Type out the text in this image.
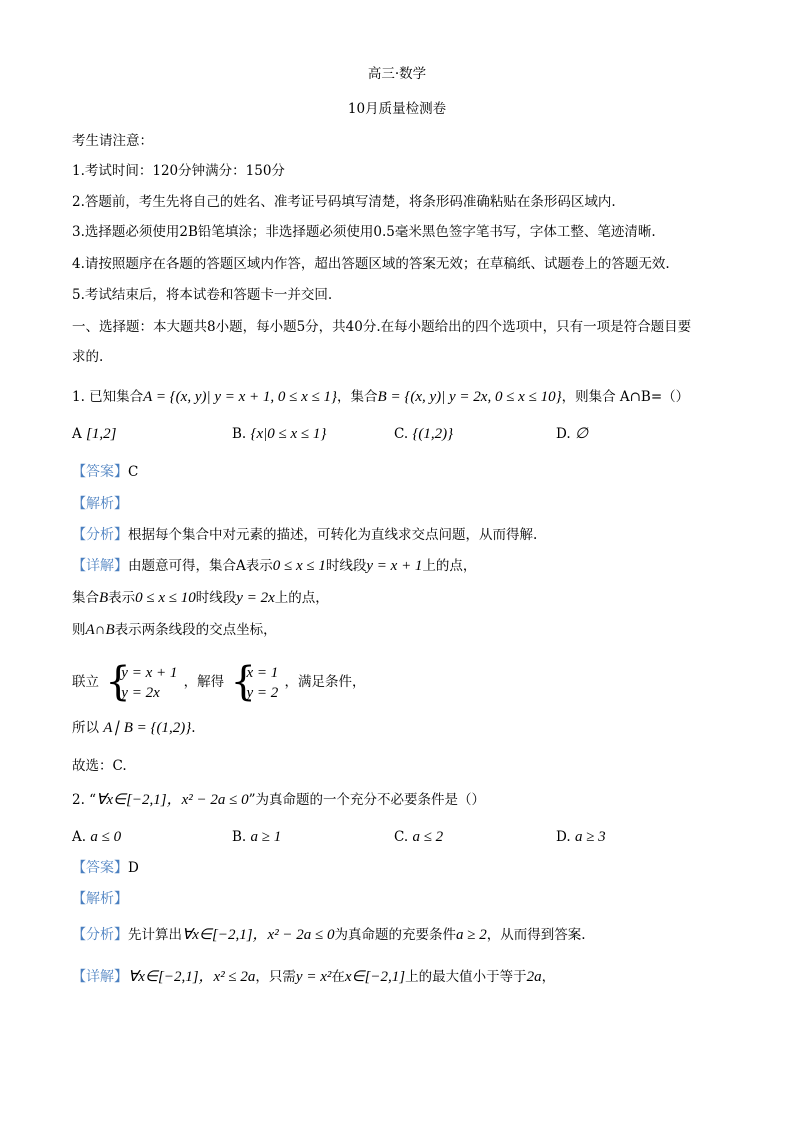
高三·数学
10月质量检测卷
考生请注意：
1.考试时间：120分钟满分：150分
2.答题前，考生先将自己的姓名、准考证号码填写清楚，将条形码准确粘贴在条形码区域内.
3.选择题必须使用2B铅笔填涂；非选择题必须使用0.5毫米黑色签字笔书写，字体工整、笔迹清晰.
4.请按照题序在各题的答题区域内作答，超出答题区域的答案无效；在草稿纸、试题卷上的答题无效.
5.考试结束后，将本试卷和答题卡一并交回.
一、选择题：本大题共8小题，每小题5分，共40分.在每小题给出的四个选项中，只有一项是符合题目要
求的.
1. 已知集合A = {(x, y)| y = x + 1, 0 ≤ x ≤ 1}，集合B = {(x, y)| y = 2x, 0 ≤ x ≤ 10}，则集合 A∩B=（）
A [1,2]	B. {x|0 ≤ x ≤ 1}	C. {(1,2)}	D. ∅
【答案】C
【解析】
【分析】根据每个集合中对元素的描述，可转化为直线求交点问题，从而得解.
【详解】由题意可得，集合A表示0 ≤ x ≤ 1时线段y = x + 1上的点，
集合B表示0 ≤ x ≤ 10时线段y = 2x上的点，
则A∩B表示两条线段的交点坐标，
联立 {
y = x + 1
y = 2x
，解得 {
x = 1
y = 2
，满足条件，
所以 A∣ B = {(1,2)}.
故选：C.
2. “∀x∈[−2,1]，x² − 2a ≤ 0”为真命题的一个充分不必要条件是（）
A. a ≤ 0	B. a ≥ 1	C. a ≤ 2	D. a ≥ 3
【答案】D
【解析】
【分析】先计算出∀x∈[−2,1]，x² − 2a ≤ 0为真命题的充要条件a ≥ 2，从而得到答案.
【详解】∀x∈[−2,1]，x² ≤ 2a，只需y = x²在x∈[−2,1]上的最大值小于等于2a，
